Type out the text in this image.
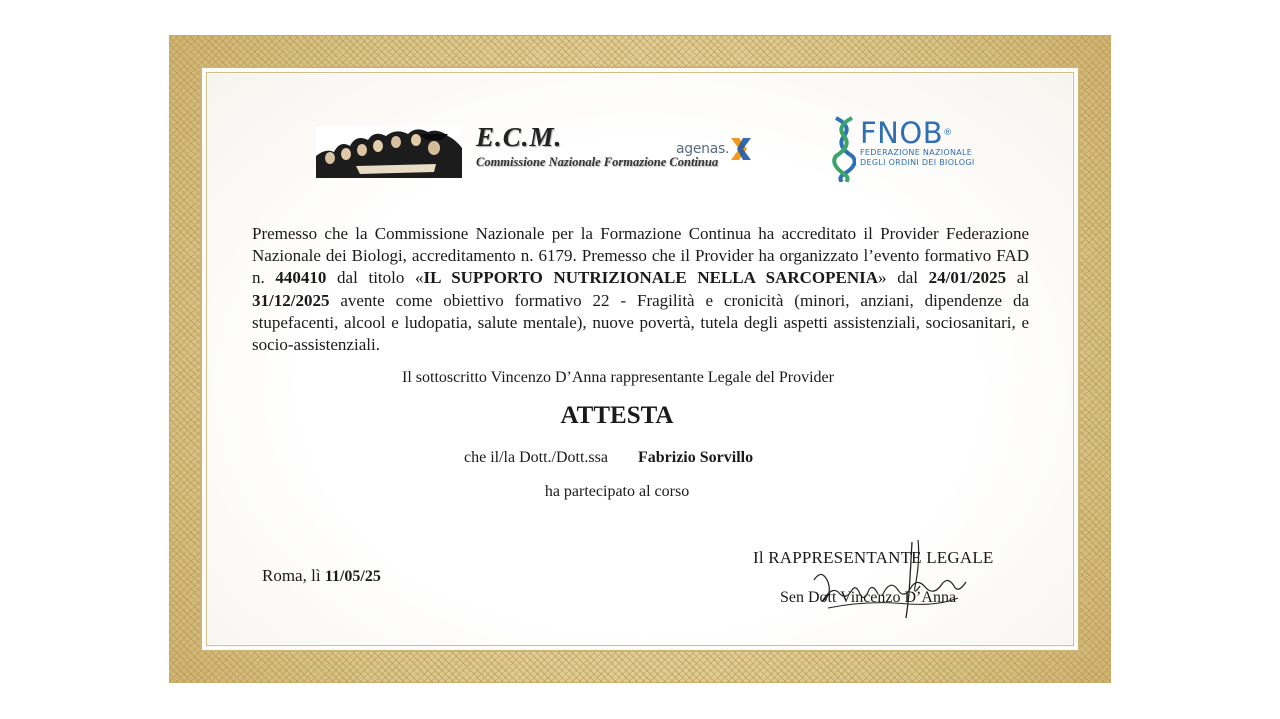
E.C.M.
Commissione Nazionale Formazione Continua
agenas.	FNOB®
FEDERAZIONE NAZIONALE
DEGLI ORDINI DEI BIOLOGI
Premesso che la Commissione Nazionale per la Formazione Continua ha accreditato il Provider Federazione Nazionale dei Biologi, accreditamento n. 6179. Premesso che il Provider ha organizzato l’evento formativo FAD n. 440410 dal titolo «IL SUPPORTO NUTRIZIONALE NELLA SARCOPENIA» dal 24/01/2025 al 31/12/2025 avente come obiettivo formativo 22 - Fragilità e cronicità (minori, anziani, dipendenze da stupefacenti, alcool e ludopatia, salute mentale), nuove povertà, tutela degli aspetti assistenziali, sociosanitari, e socio-assistenziali.
Il sottoscritto Vincenzo D’Anna rappresentante Legale del Provider
ATTESTA
che il/la Dott./Dott.ssa Fabrizio Sorvillo
ha partecipato al corso
Roma, lì 11/05/25
Il RAPPRESENTANTE LEGALE
Sen Dott Vincenzo D’Anna
